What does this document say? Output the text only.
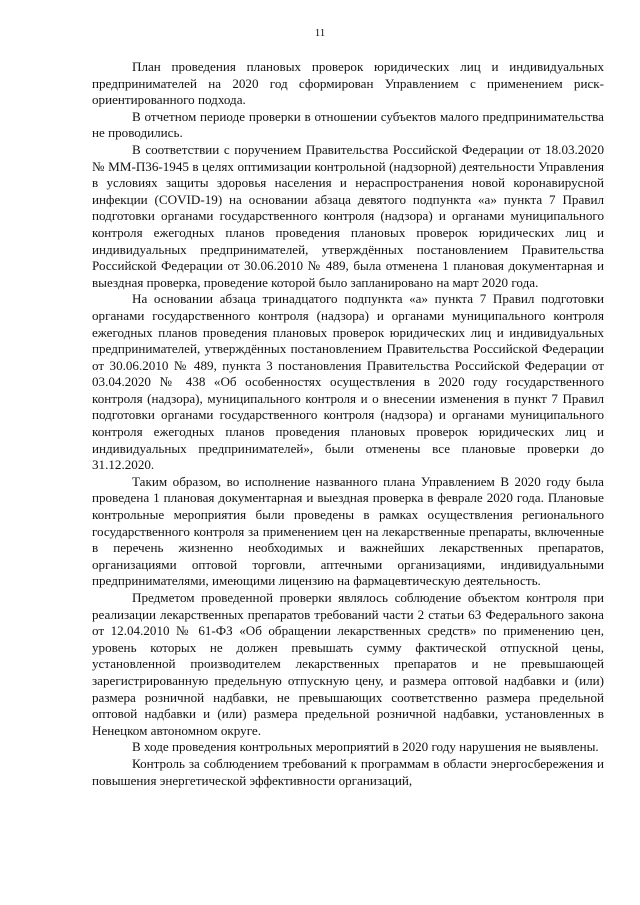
11

План проведения плановых проверок юридических лиц и индивидуальных предпринимателей на 2020 год сформирован Управлением с применением риск-ориентированного подхода.

В отчетном периоде проверки в отношении субъектов малого предпринимательства не проводились.

В соответствии с поручением Правительства Российской Федерации от 18.03.2020 № ММ-П36-1945 в целях оптимизации контрольной (надзорной) деятельности Управления в условиях защиты здоровья населения и нераспространения новой коронавирусной инфекции (COVID-19) на основании абзаца девятого подпункта «а» пункта 7 Правил подготовки органами государственного контроля (надзора) и органами муниципального контроля ежегодных планов проведения плановых проверок юридических лиц и индивидуальных предпринимателей, утверждённых постановлением Правительства Российской Федерации от 30.06.2010 № 489, была отменена 1 плановая документарная и выездная проверка, проведение которой было запланировано на март 2020 года.

На основании абзаца тринадцатого подпункта «а» пункта 7 Правил подготовки органами государственного контроля (надзора) и органами муниципального контроля ежегодных планов проведения плановых проверок юридических лиц и индивидуальных предпринимателей, утверждённых постановлением Правительства Российской Федерации от 30.06.2010 № 489, пункта 3 постановления Правительства Российской Федерации от 03.04.2020 № 438 «Об особенностях осуществления в 2020 году государственного контроля (надзора), муниципального контроля и о внесении изменения в пункт 7 Правил подготовки органами государственного контроля (надзора) и органами муниципального контроля ежегодных планов проведения плановых проверок юридических лиц и индивидуальных предпринимателей», были отменены все плановые проверки до 31.12.2020.

Таким образом, во исполнение названного плана Управлением В 2020 году была проведена 1 плановая документарная и выездная проверка в феврале 2020 года. Плановые контрольные мероприятия были проведены в рамках осуществления регионального государственного контроля за применением цен на лекарственные препараты, включенные в перечень жизненно необходимых и важнейших лекарственных препаратов, организациями оптовой торговли, аптечными организациями, индивидуальными предпринимателями, имеющими лицензию на фармацевтическую деятельность.

Предметом проведенной проверки являлось соблюдение объектом контроля при реализации лекарственных препаратов требований части 2 статьи 63 Федерального закона от 12.04.2010 № 61-ФЗ «Об обращении лекарственных средств» по применению цен, уровень которых не должен превышать сумму фактической отпускной цены, установленной производителем лекарственных препаратов и не превышающей зарегистрированную предельную отпускную цену, и размера оптовой надбавки и (или) размера розничной надбавки, не превышающих соответственно размера предельной оптовой надбавки и (или) размера предельной розничной надбавки, установленных в Ненецком автономном округе.

В ходе проведения контрольных мероприятий в 2020 году нарушения не выявлены.

Контроль за соблюдением требований к программам в области энергосбережения и повышения энергетической эффективности организаций,
